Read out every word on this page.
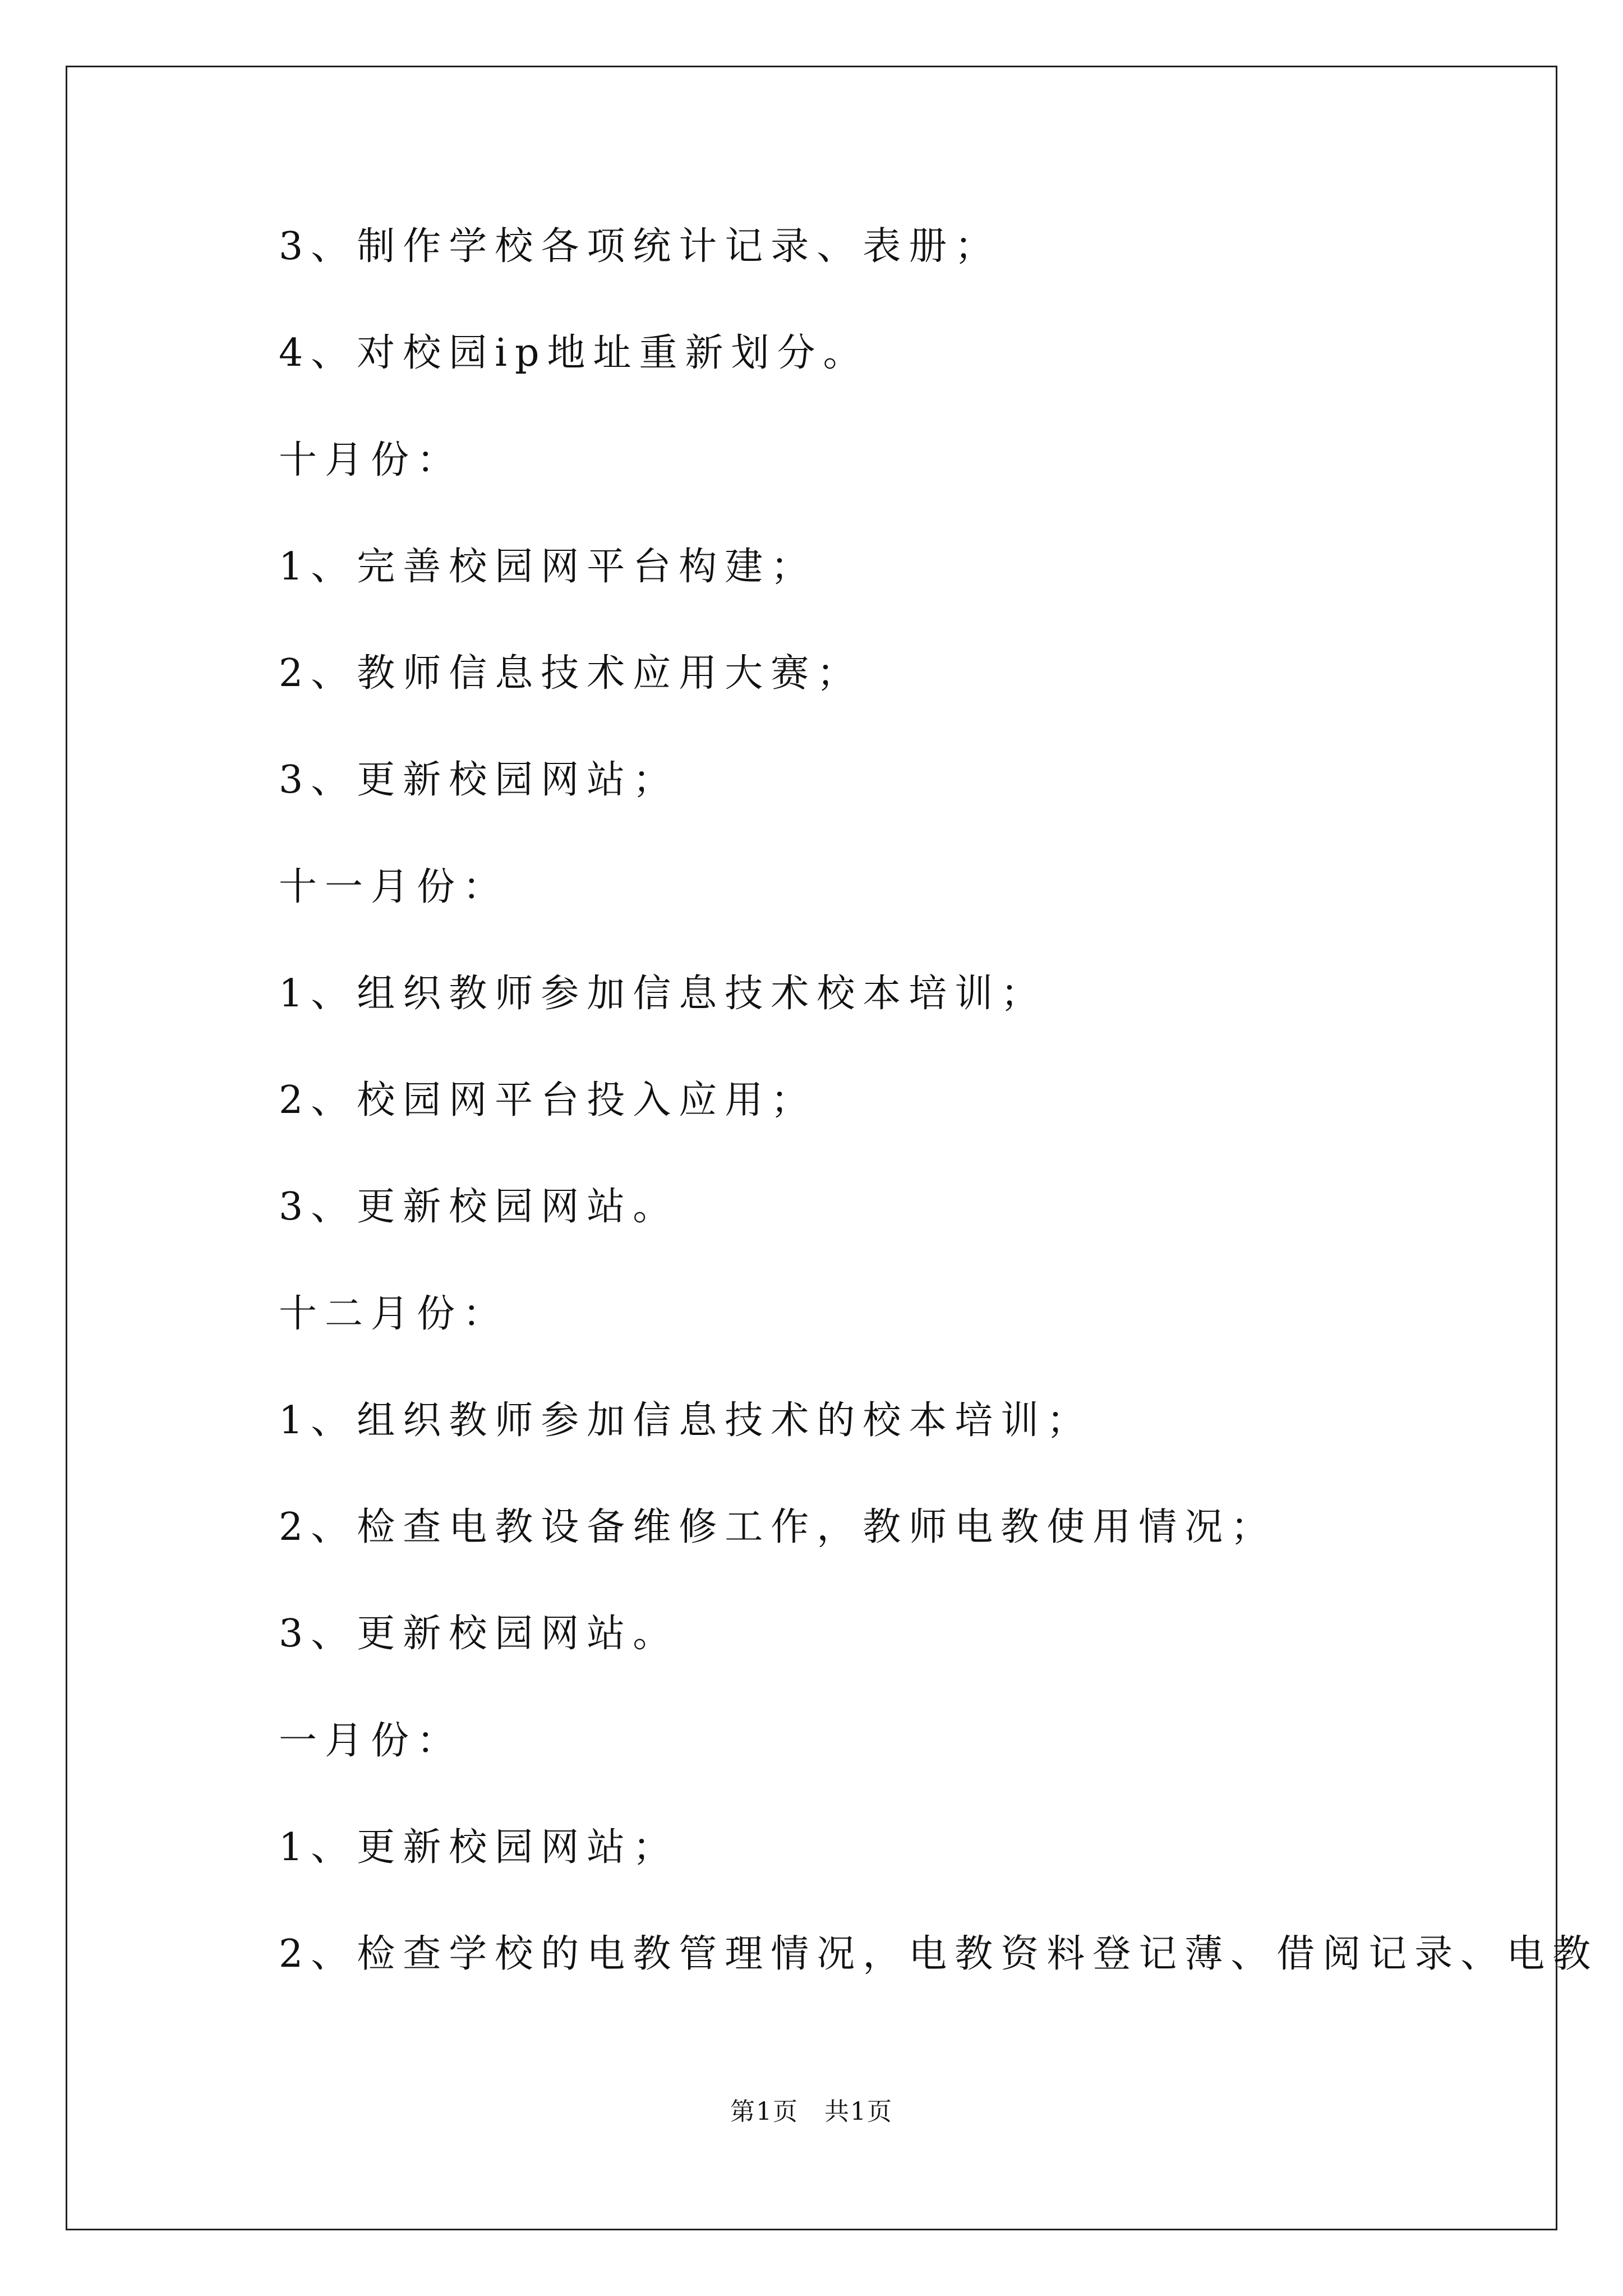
3、制作学校各项统计记录、表册；
4、对校园ip地址重新划分。
十月份：
1、完善校园网平台构建；
2、教师信息技术应用大赛；
3、更新校园网站；
十一月份：
1、组织教师参加信息技术校本培训；
2、校园网平台投入应用；
3、更新校园网站。
十二月份：
1、组织教师参加信息技术的校本培训；
2、检查电教设备维修工作，教师电教使用情况；
3、更新校园网站。
一月份：
1、更新校园网站；
2、检查学校的电教管理情况，电教资料登记薄、借阅记录、电教
第1页　共1页
